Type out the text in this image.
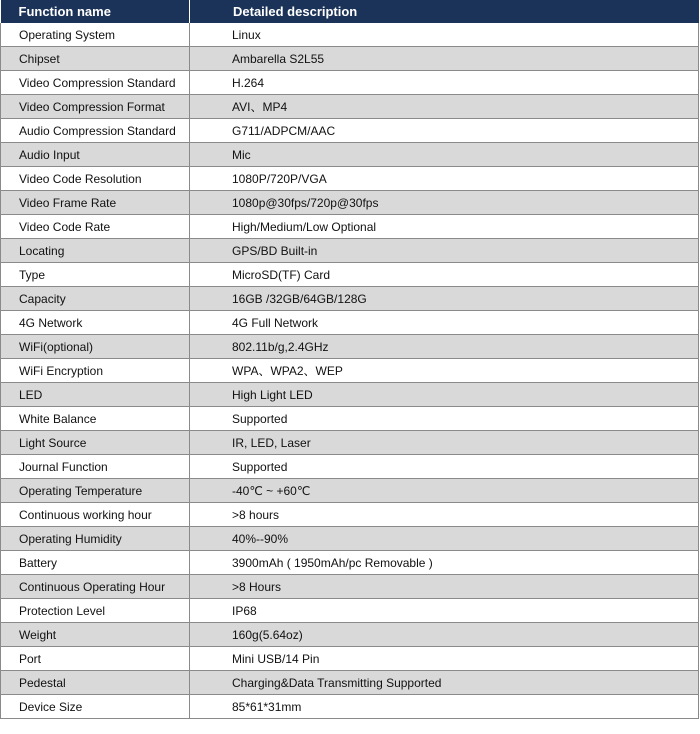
Function name	Detailed description
Operating System	Linux
Chipset	Ambarella S2L55
Video Compression Standard	H.264
Video Compression Format	AVI、MP4
Audio Compression Standard	G711/ADPCM/AAC
Audio Input	Mic
Video Code Resolution	1080P/720P/VGA
Video Frame Rate	1080p@30fps/720p@30fps
Video Code Rate	High/Medium/Low Optional
Locating	GPS/BD Built-in
Type	MicroSD(TF) Card
Capacity	16GB /32GB/64GB/128G
4G Network	4G Full Network
WiFi(optional)	802.11b/g,2.4GHz
WiFi Encryption	WPA、WPA2、WEP
LED	High Light LED
White Balance	Supported
Light Source	IR, LED, Laser
Journal Function	Supported
Operating Temperature	-40℃ ~ +60℃
Continuous working hour	>8 hours
Operating Humidity	40%--90%
Battery	3900mAh ( 1950mAh/pc Removable )
Continuous Operating Hour	>8 Hours
Protection Level	IP68
Weight	160g(5.64oz)
Port	Mini USB/14 Pin
Pedestal	Charging&Data Transmitting Supported
Device Size	85*61*31mm
